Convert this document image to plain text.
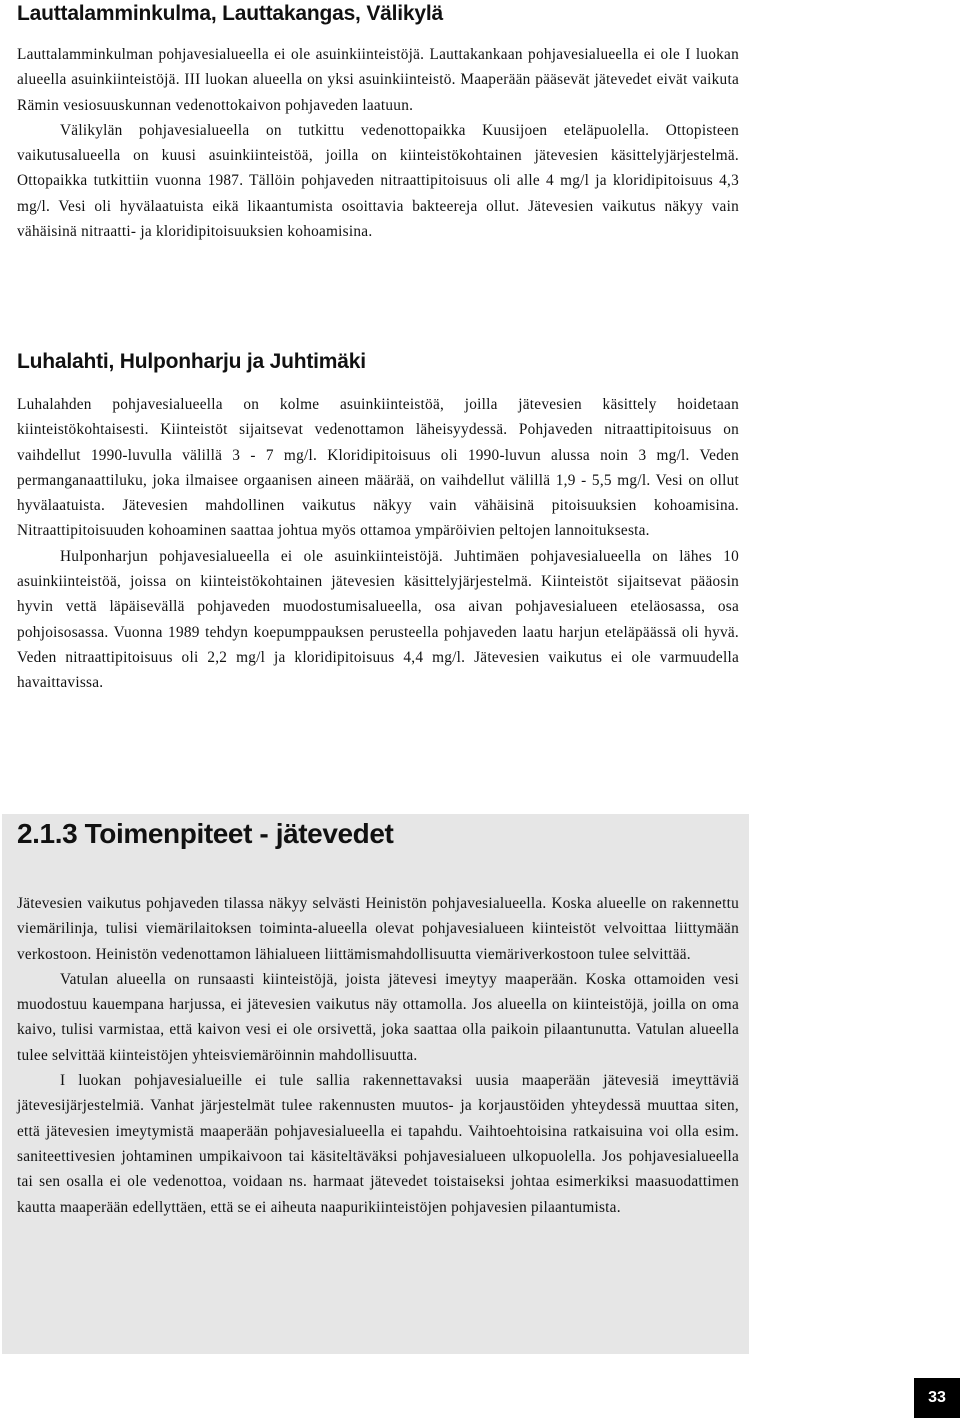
Lauttalamminkulma, Lauttakangas, Välikylä

Lauttalamminkulman pohjavesialueella ei ole asuinkiinteistöjä. Lauttakankaan pohjavesialueella ei ole I luokan alueella asuinkiinteistöjä. III luokan alueella on yksi asuinkiinteistö. Maaperään pääsevät jätevedet eivät vaikuta Rämin vesiosuuskunnan vedenottokaivon pohjaveden laatuun.

Välikylän pohjavesialueella on tutkittu vedenottopaikka Kuusijoen eteläpuolella. Ottopisteen vaikutusalueella on kuusi asuinkiinteistöä, joilla on kiinteistökohtainen jätevesien käsittelyjärjestelmä. Ottopaikka tutkittiin vuonna 1987. Tällöin pohjaveden nitraattipitoisuus oli alle 4 mg/l ja kloridipitoisuus 4,3 mg/l. Vesi oli hyvälaatuista eikä likaantumista osoittavia bakteereja ollut. Jätevesien vaikutus näkyy vain vähäisinä nitraatti- ja kloridipitoisuuksien kohoamisina.

Luhalahti, Hulponharju ja Juhtimäki

Luhalahden pohjavesialueella on kolme asuinkiinteistöä, joilla jätevesien käsittely hoidetaan kiinteistökohtaisesti. Kiinteistöt sijaitsevat vedenottamon läheisyydessä. Pohjaveden nitraattipitoisuus on vaihdellut 1990-luvulla välillä 3 - 7 mg/l. Kloridipitoisuus oli 1990-luvun alussa noin 3 mg/l. Veden permanganaattiluku, joka ilmaisee orgaanisen aineen määrää, on vaihdellut välillä 1,9 - 5,5 mg/l. Vesi on ollut hyvälaatuista. Jätevesien mahdollinen vaikutus näkyy vain vähäisinä pitoisuuksien kohoamisina. Nitraattipitoisuuden kohoaminen saattaa johtua myös ottamoa ympäröivien peltojen lannoituksesta.

Hulponharjun pohjavesialueella ei ole asuinkiinteistöjä. Juhtimäen pohjavesialueella on lähes 10 asuinkiinteistöä, joissa on kiinteistökohtainen jätevesien käsittelyjärjestelmä. Kiinteistöt sijaitsevat pääosin hyvin vettä läpäisevällä pohjaveden muodostumisalueella, osa aivan pohjavesialueen eteläosassa, osa pohjoisosassa. Vuonna 1989 tehdyn koepumppauksen perusteella pohjaveden laatu harjun eteläpäässä oli hyvä. Veden nitraattipitoisuus oli 2,2 mg/l ja kloridipitoisuus 4,4 mg/l. Jätevesien vaikutus ei ole varmuudella havaittavissa.

2.1.3 Toimenpiteet - jätevedet

Jätevesien vaikutus pohjaveden tilassa näkyy selvästi Heinistön pohjavesialueella. Koska alueelle on rakennettu viemärilinja, tulisi viemärilaitoksen toiminta-alueella olevat pohjavesialueen kiinteistöt velvoittaa liittymään verkostoon. Heinistön vedenottamon lähialueen liittämismahdollisuutta viemäriverkostoon tulee selvittää.

Vatulan alueella on runsaasti kiinteistöjä, joista jätevesi imeytyy maaperään. Koska ottamoiden vesi muodostuu kauempana harjussa, ei jätevesien vaikutus näy ottamolla. Jos alueella on kiinteistöjä, joilla on oma kaivo, tulisi varmistaa, että kaivon vesi ei ole orsivettä, joka saattaa olla paikoin pilaantunutta. Vatulan alueella tulee selvittää kiinteistöjen yhteisviemäröinnin mahdollisuutta.

I luokan pohjavesialueille ei tule sallia rakennettavaksi uusia maaperään jätevesiä imeyttäviä jätevesijärjestelmiä. Vanhat järjestelmät tulee rakennusten muutos- ja korjaustöiden yhteydessä muuttaa siten, että jätevesien imeytymistä maaperään pohjavesialueella ei tapahdu. Vaihtoehtoisina ratkaisuina voi olla esim. saniteettivesien johtaminen umpikaivoon tai käsiteltäväksi pohjavesialueen ulkopuolella. Jos pohjavesialueella tai sen osalla ei ole vedenottoa, voidaan ns. harmaat jätevedet toistaiseksi johtaa esimerkiksi maasuodattimen kautta maaperään edellyttäen, että se ei aiheuta naapurikiinteistöjen pohjavesien pilaantumista.

33
